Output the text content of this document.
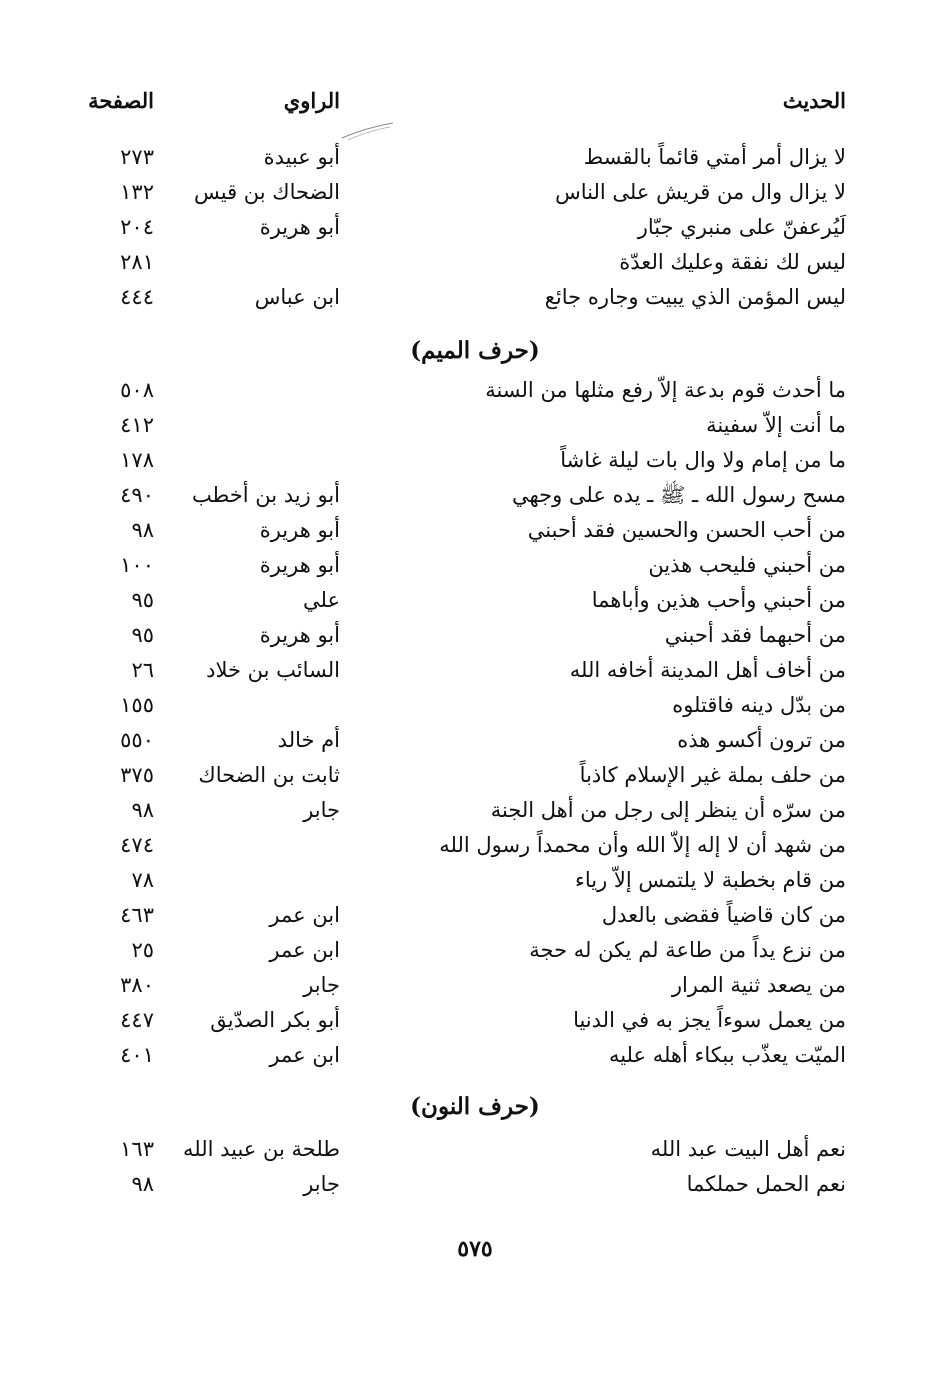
الحديث
الراوي
الصفحة
لا يزال أمر أمتي قائماً بالقسط
أبو عبيدة
٢٧٣
لا يزال وال من قريش على الناس
الضحاك بن قيس
١٣٢
لَيُرعفنّ على منبري جبّار
أبو هريرة
٢٠٤
ليس لك نفقة وعليك العدّة
٢٨١
ليس المؤمن الذي يبيت وجاره جائع
ابن عباس
٤٤٤
(حرف الميم)
ما أحدث قوم بدعة إلاّ رفع مثلها من السنة
٥٠٨
ما أنت إلاّ سفينة
٤١٢
ما من إمام ولا وال بات ليلة غاشاً
١٧٨
مسح رسول الله ـ ﷺ ـ يده على وجهي
أبو زيد بن أخطب
٤٩٠
من أحب الحسن والحسين فقد أحبني
أبو هريرة
٩٨
من أحبني فليحب هذين
أبو هريرة
١٠٠
من أحبني وأحب هذين وأباهما
علي
٩٥
من أحبهما فقد أحبني
أبو هريرة
٩٥
من أخاف أهل المدينة أخافه الله
السائب بن خلاد
٢٦
من بدّل دينه فاقتلوه
١٥٥
من ترون أكسو هذه
أم خالد
٥٥٠
من حلف بملة غير الإسلام كاذباً
ثابت بن الضحاك
٣٧٥
من سرّه أن ينظر إلى رجل من أهل الجنة
جابر
٩٨
من شهد أن لا إله إلاّ الله وأن محمداً رسول الله
٤٧٤
من قام بخطبة لا يلتمس إلاّ رياء
٧٨
من كان قاضياً فقضى بالعدل
ابن عمر
٤٦٣
من نزع يداً من طاعة لم يكن له حجة
ابن عمر
٢٥
من يصعد ثنية المرار
جابر
٣٨٠
من يعمل سوءاً يجز به في الدنيا
أبو بكر الصدّيق
٤٤٧
الميّت يعذّب ببكاء أهله عليه
ابن عمر
٤٠١
(حرف النون)
نعم أهل البيت عبد الله
طلحة بن عبيد الله
١٦٣
نعم الحمل حملكما
جابر
٩٨
٥٧٥
